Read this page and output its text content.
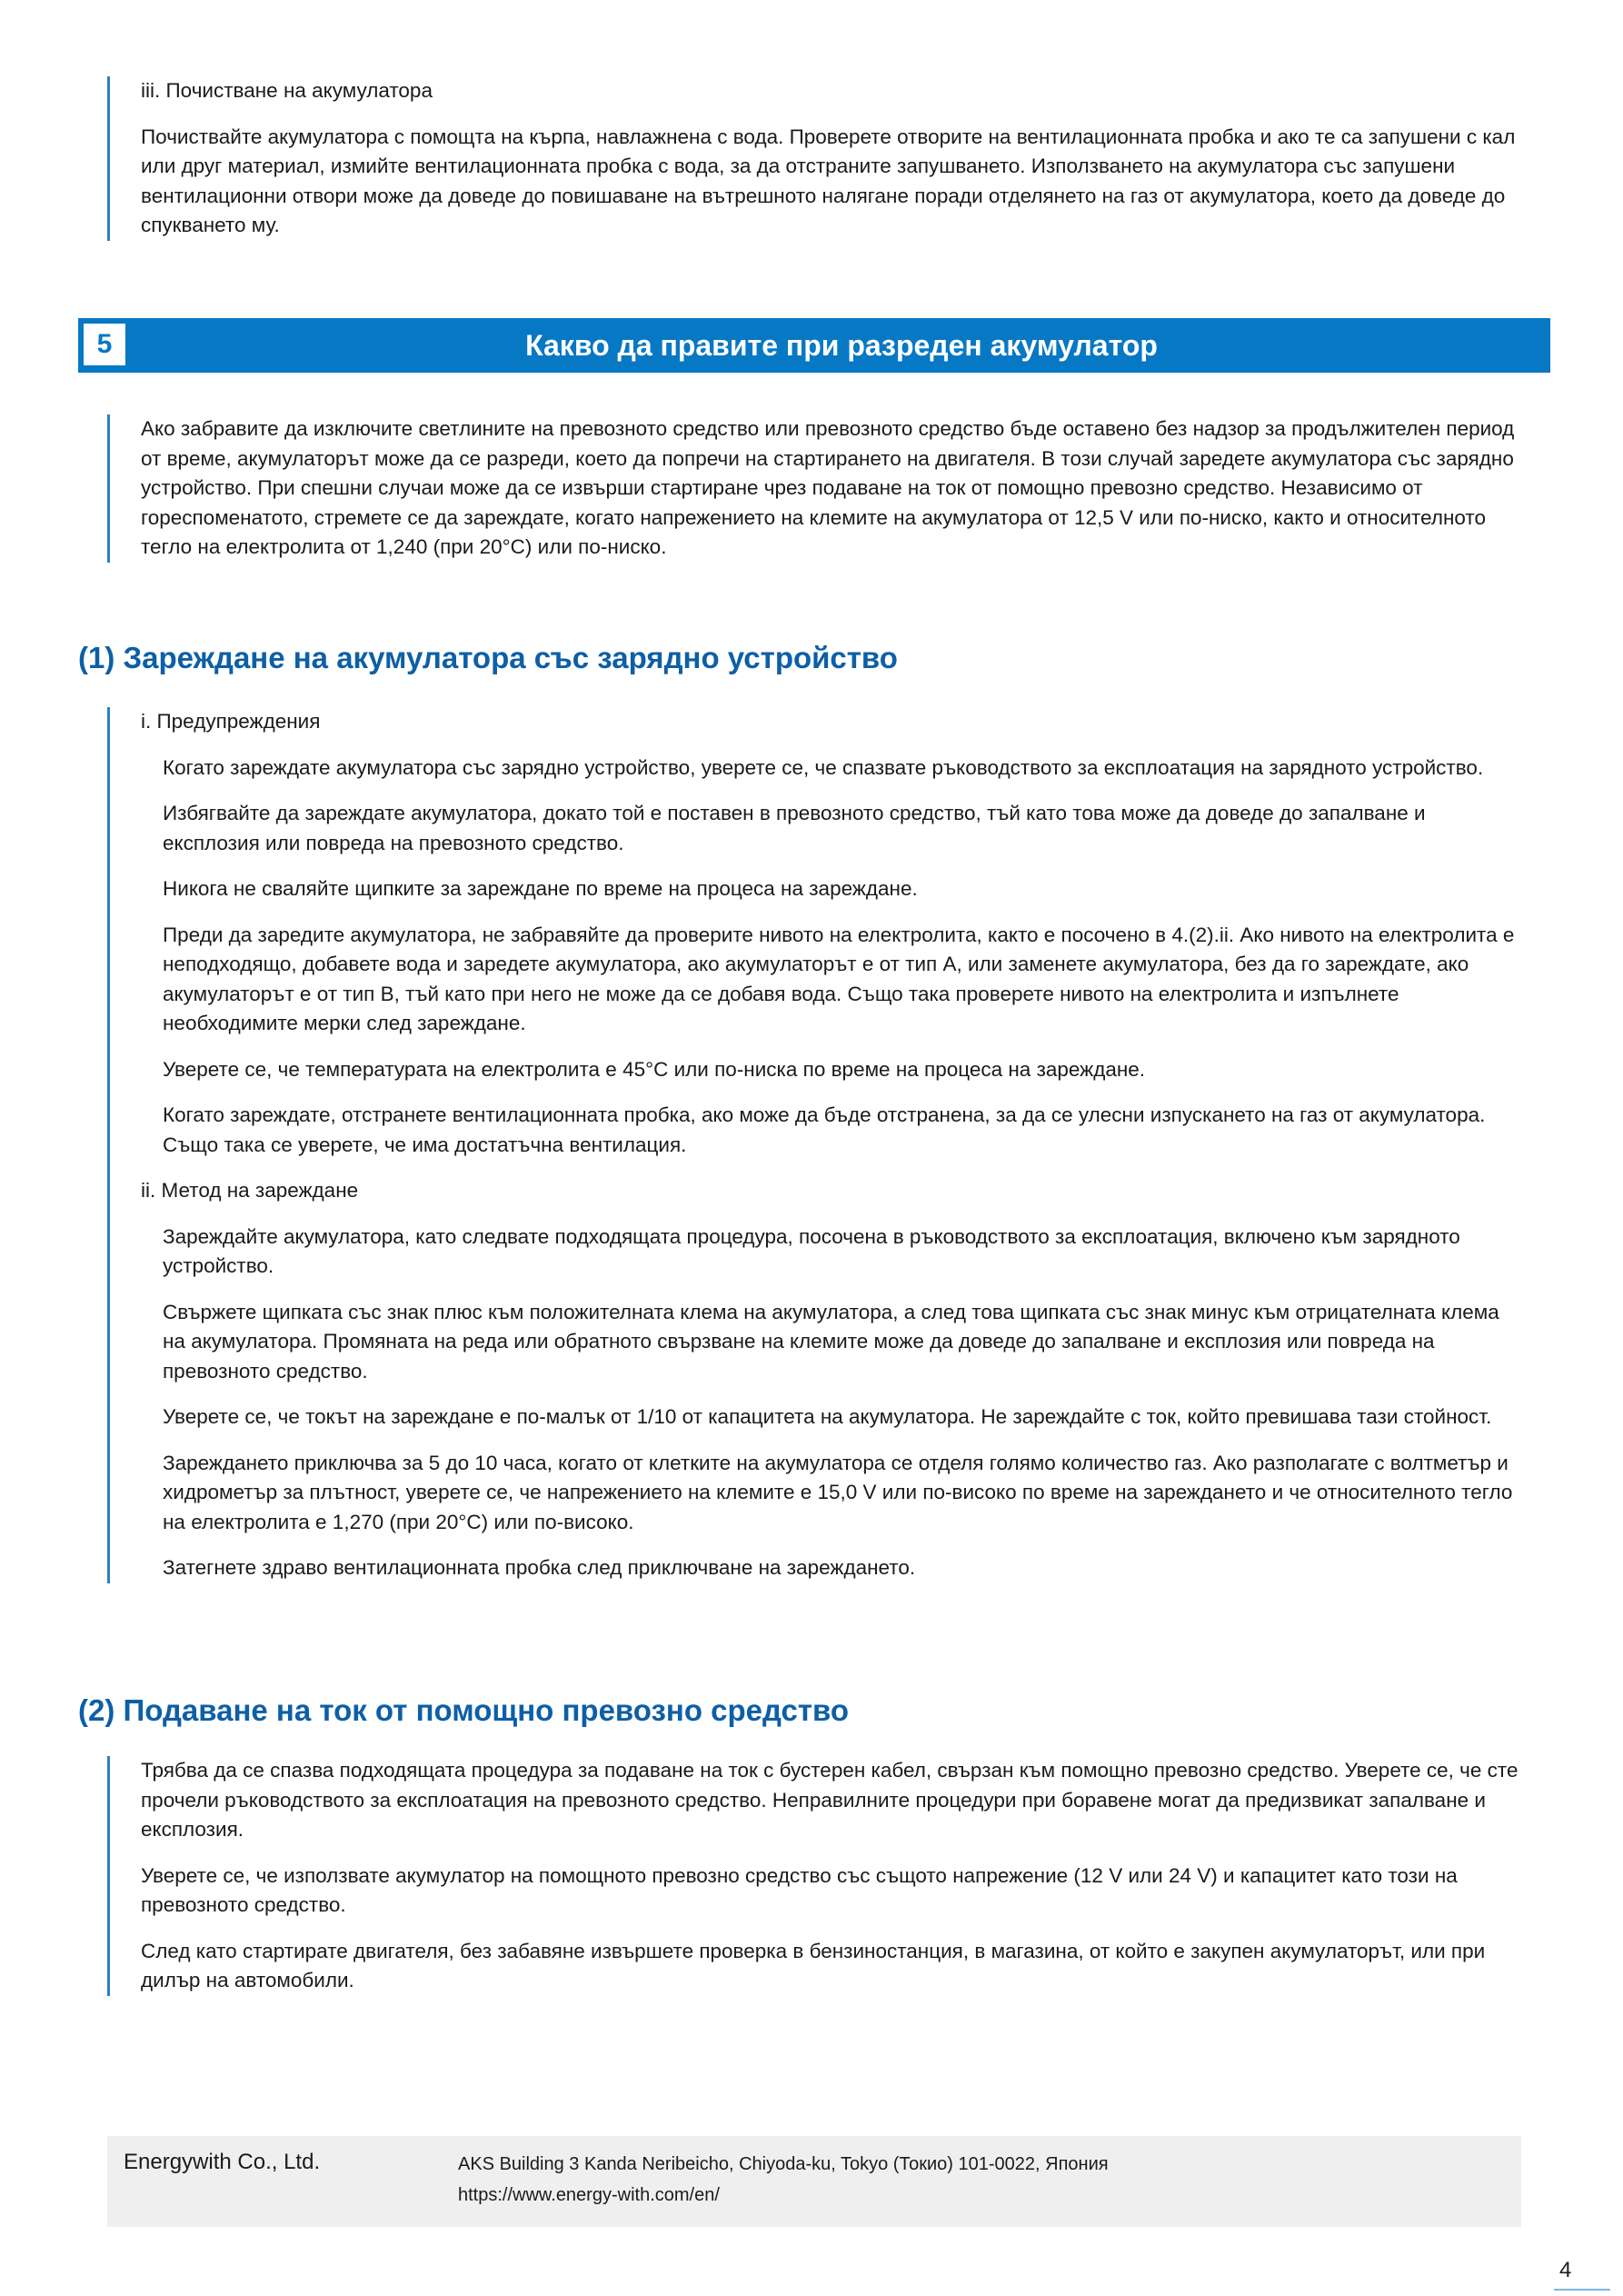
iii. Почистване на акумулатора

Почиствайте акумулатора с помощта на кърпа, навлажнена с вода. Проверете отворите на вентилационната пробка и ако те са запушени с кал или друг материал, измийте вентилационната пробка с вода, за да отстраните запушването. Използването на акумулатора със запушени вентилационни отвори може да доведе до повишаване на вътрешното налягане поради отделянето на газ от акумулатора, което да доведе до спукването му.

5	Какво да правите при разреден акумулатор

Ако забравите да изключите светлините на превозното средство или превозното средство бъде оставено без надзор за продължителен период от време, акумулаторът може да се разреди, което да попречи на стартирането на двигателя. В този случай заредете акумулатора със зарядно устройство. При спешни случаи може да се извърши стартиране чрез подаване на ток от помощно превозно средство. Независимо от гореспоменатото, стремете се да зареждате, когато напрежението на клемите на акумулатора от 12,5 V или по-ниско, както и относителното тегло на електролита от 1,240 (при 20°C) или по-ниско.

(1) Зареждане на акумулатора със зарядно устройство

i. Предупреждения

Когато зареждате акумулатора със зарядно устройство, уверете се, че спазвате ръководството за експлоатация на зарядното устройство.

Избягвайте да зареждате акумулатора, докато той е поставен в превозното средство, тъй като това може да доведе до запалване и експлозия или повреда на превозното средство.

Никога не сваляйте щипките за зареждане по време на процеса на зареждане.

Преди да заредите акумулатора, не забравяйте да проверите нивото на електролита, както е посочено в 4.(2).ii. Ако нивото на електролита е неподходящо, добавете вода и заредете акумулатора, ако акумулаторът е от тип A, или заменете акумулатора, без да го зареждате, ако акумулаторът е от тип B, тъй като при него не може да се добавя вода. Също така проверете нивото на електролита и изпълнете необходимите мерки след зареждане.

Уверете се, че температурата на електролита е 45°C или по-ниска по време на процеса на зареждане.

Когато зареждате, отстранете вентилационната пробка, ако може да бъде отстранена, за да се улесни изпускането на газ от акумулатора. Също така се уверете, че има достатъчна вентилация.

ii. Метод на зареждане

Зареждайте акумулатора, като следвате подходящата процедура, посочена в ръководството за експлоатация, включено към зарядното устройство.

Свържете щипката със знак плюс към положителната клема на акумулатора, а след това щипката със знак минус към отрицателната клема на акумулатора. Промяната на реда или обратното свързване на клемите може да доведе до запалване и експлозия или повреда на превозното средство.

Уверете се, че токът на зареждане е по-малък от 1/10 от капацитета на акумулатора. Не зареждайте с ток, който превишава тази стойност.

Зареждането приключва за 5 до 10 часа, когато от клетките на акумулатора се отделя голямо количество газ. Ако разполагате с волтметър и хидрометър за плътност, уверете се, че напрежението на клемите е 15,0 V или по-високо по време на зареждането и че относителното тегло на електролита е 1,270 (при 20°C) или по-високо.

Затегнете здраво вентилационната пробка след приключване на зареждането.

(2) Подаване на ток от помощно превозно средство

Трябва да се спазва подходящата процедура за подаване на ток с бустерен кабел, свързан към помощно превозно средство. Уверете се, че сте прочели ръководството за експлоатация на превозното средство. Неправилните процедури при боравене могат да предизвикат запалване и експлозия.

Уверете се, че използвате акумулатор на помощното превозно средство със същото напрежение (12 V или 24 V) и капацитет като този на превозното средство.

След като стартирате двигателя, без забавяне извършете проверка в бензиностанция, в магазина, от който е закупен акумулаторът, или при дилър на автомобили.

Energywith Co., Ltd.	AKS Building 3 Kanda Neribeicho, Chiyoda-ku, Tokyo (Токио) 101-0022, Япония
https://www.energy-with.com/en/
4
